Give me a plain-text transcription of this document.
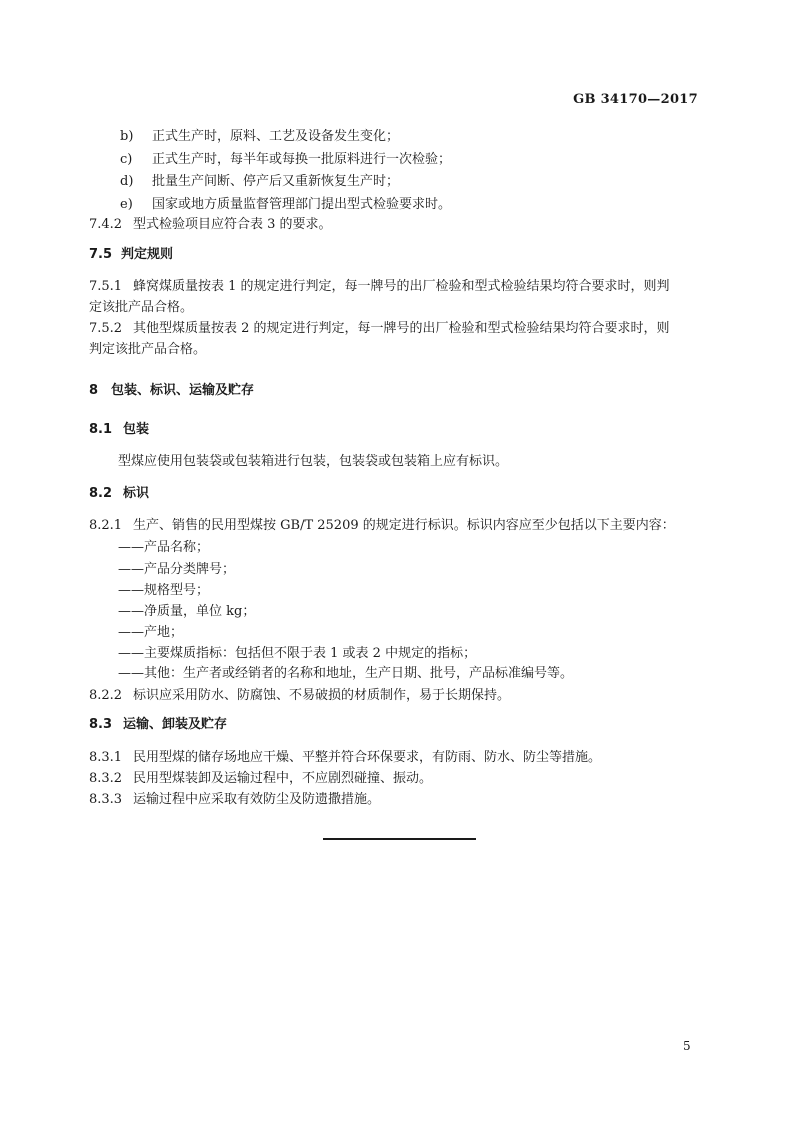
GB 34170—2017
b) 正式生产时，原料、工艺及设备发生变化；
c) 正式生产时，每半年或每换一批原料进行一次检验；
d) 批量生产间断、停产后又重新恢复生产时；
e) 国家或地方质量监督管理部门提出型式检验要求时。
7.4.2 型式检验项目应符合表 3 的要求。
7.5 判定规则
7.5.1 蜂窝煤质量按表 1 的规定进行判定，每一牌号的出厂检验和型式检验结果均符合要求时，则判
定该批产品合格。
7.5.2 其他型煤质量按表 2 的规定进行判定，每一牌号的出厂检验和型式检验结果均符合要求时，则
判定该批产品合格。
8 包装、标识、运输及贮存
8.1 包装
型煤应使用包装袋或包装箱进行包装，包装袋或包装箱上应有标识。
8.2 标识
8.2.1 生产、销售的民用型煤按 GB/T 25209 的规定进行标识。标识内容应至少包括以下主要内容：
——产品名称；
——产品分类牌号；
——规格型号；
——净质量，单位 kg；
——产地；
——主要煤质指标：包括但不限于表 1 或表 2 中规定的指标；
——其他：生产者或经销者的名称和地址，生产日期、批号，产品标准编号等。
8.2.2 标识应采用防水、防腐蚀、不易破损的材质制作，易于长期保持。
8.3 运输、卸装及贮存
8.3.1 民用型煤的储存场地应干燥、平整并符合环保要求，有防雨、防水、防尘等措施。
8.3.2 民用型煤装卸及运输过程中，不应剧烈碰撞、振动。
8.3.3 运输过程中应采取有效防尘及防遗撒措施。
5
